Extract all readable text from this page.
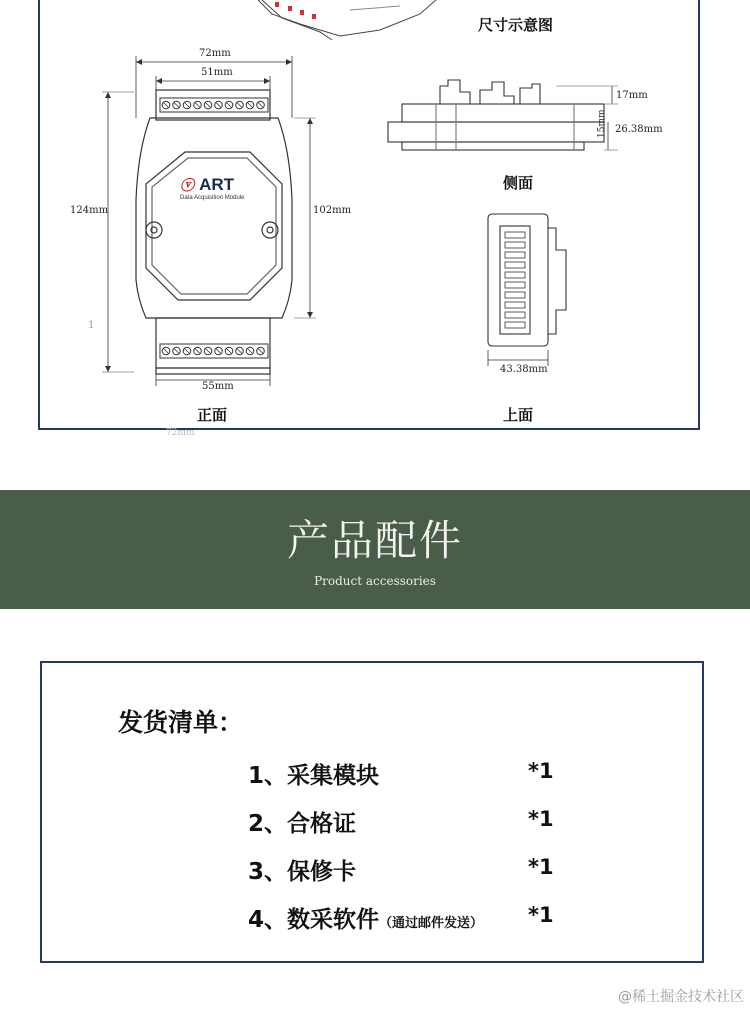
尺寸示意图
72mm
51mm
124mm	102mm
55mm
1
72mm
ⓥ ART
Data Acquisition Module
正面
17mm
15mm 26.38mm
侧面
43.38mm
上面
产品配件
Product accessories
发货清单：
1、采集模块	*1
2、合格证	*1
3、保修卡	*1
4、数采软件（通过邮件发送） *1
@稀土掘金技术社区
